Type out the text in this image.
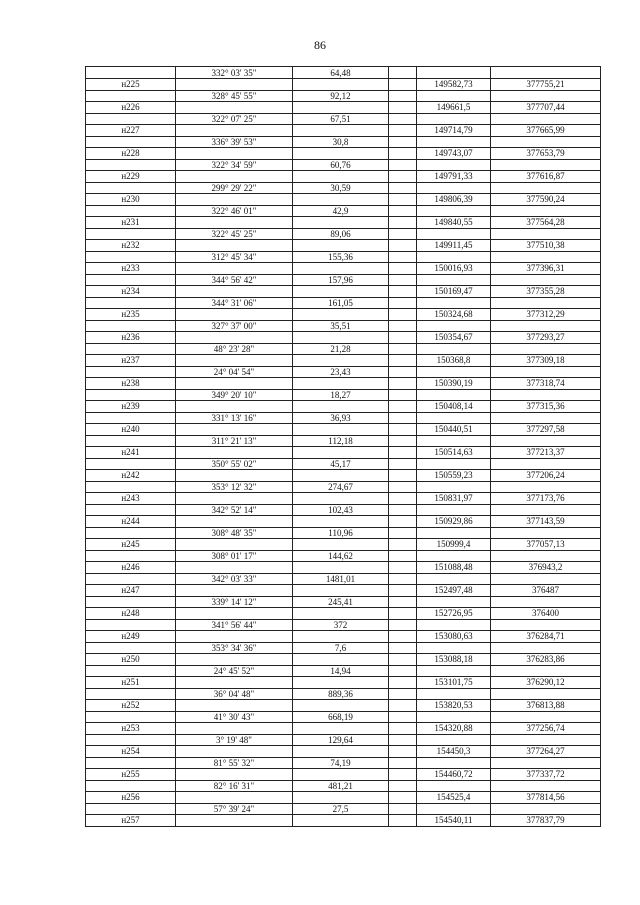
86
	332° 03' 35"	64,48			
н225				149582,73	377755,21
	328° 45' 55"	92,12			
н226				149661,5	377707,44
	322° 07' 25"	67,51			
н227				149714,79	377665,99
	336° 39' 53"	30,8			
н228				149743,07	377653,79
	322° 34' 59"	60,76			
н229				149791,33	377616,87
	299° 29' 22"	30,59			
н230				149806,39	377590,24
	322° 46' 01"	42,9			
н231				149840,55	377564,28
	322° 45' 25"	89,06			
н232				149911,45	377510,38
	312° 45' 34"	155,36			
н233				150016,93	377396,31
	344° 56' 42"	157,96			
н234				150169,47	377355,28
	344° 31' 06"	161,05			
н235				150324,68	377312,29
	327° 37' 00"	35,51			
н236				150354,67	377293,27
	48° 23' 28"	21,28			
н237				150368,8	377309,18
	24° 04' 54"	23,43			
н238				150390,19	377318,74
	349° 20' 10"	18,27			
н239				150408,14	377315,36
	331° 13' 16"	36,93			
н240				150440,51	377297,58
	311° 21' 13"	112,18			
н241				150514,63	377213,37
	350° 55' 02"	45,17			
н242				150559,23	377206,24
	353° 12' 32"	274,67			
н243				150831,97	377173,76
	342° 52' 14"	102,43			
н244				150929,86	377143,59
	308° 48' 35"	110,96			
н245				150999,4	377057,13
	308° 01' 17"	144,62			
н246				151088,48	376943,2
	342° 03' 33"	1481,01			
н247				152497,48	376487
	339° 14' 12"	245,41			
н248				152726,95	376400
	341° 56' 44"	372			
н249				153080,63	376284,71
	353° 34' 36"	7,6			
н250				153088,18	376283,86
	24° 45' 52"	14,94			
н251				153101,75	376290,12
	36° 04' 48"	889,36			
н252				153820,53	376813,88
	41° 30' 43"	668,19			
н253				154320,88	377256,74
	3° 19' 48"	129,64			
н254				154450,3	377264,27
	81° 55' 32"	74,19			
н255				154460,72	377337,72
	82° 16' 31"	481,21			
н256				154525,4	377814,56
	57° 39' 24"	27,5			
н257				154540,11	377837,79
